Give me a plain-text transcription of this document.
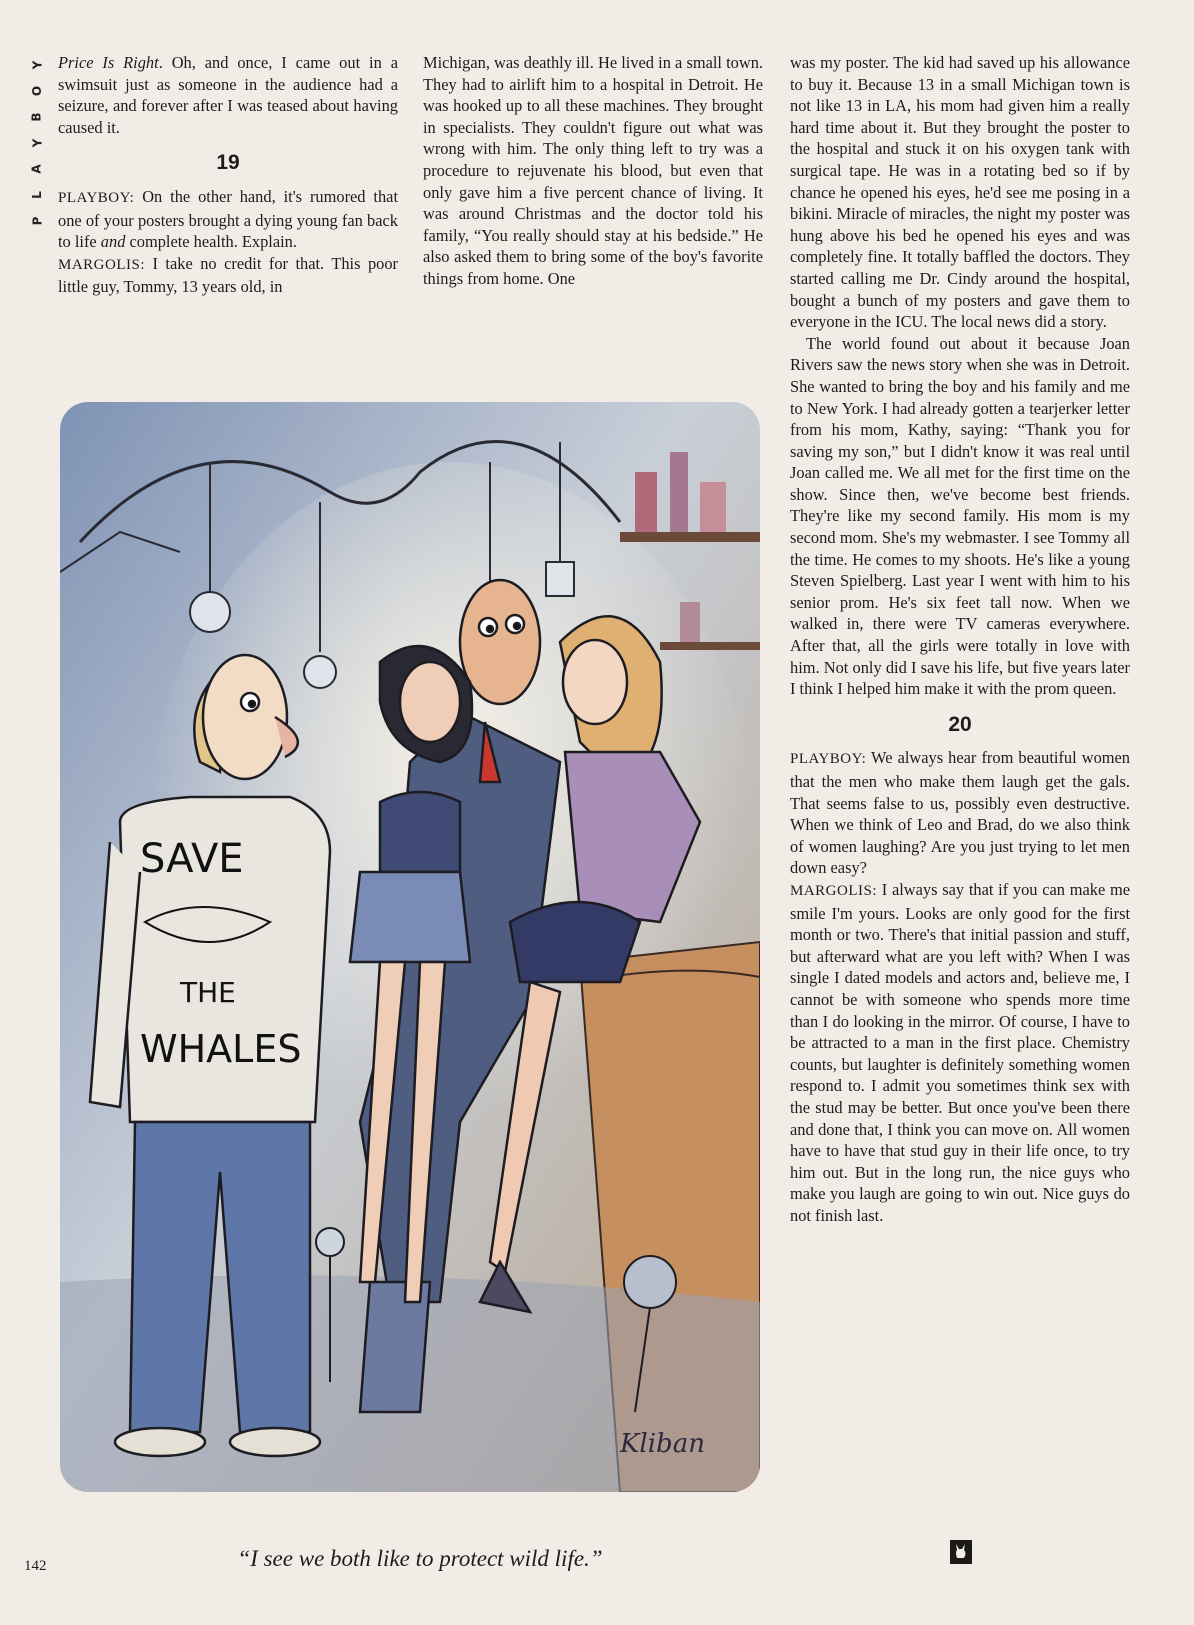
Y
O
B
Y
A
L
P

Price Is Right. Oh, and once, I came out in a swimsuit just as someone in the audience had a seizure, and forever after I was teased about having caused it.

19

PLAYBOY: On the other hand, it's rumored that one of your posters brought a dying young fan back to life and complete health. Explain.

MARGOLIS: I take no credit for that. This poor little guy, Tommy, 13 years old, in

Michigan, was deathly ill. He lived in a small town. They had to airlift him to a hospital in Detroit. He was hooked up to all these machines. They brought in specialists. They couldn't figure out what was wrong with him. The only thing left to try was a procedure to rejuvenate his blood, but even that only gave him a five percent chance of living. It was around Christmas and the doctor told his family, “You really should stay at his bedside.” He also asked them to bring some of the boy's favorite things from home. One

was my poster. The kid had saved up his allowance to buy it. Because 13 in a small Michigan town is not like 13 in LA, his mom had given him a really hard time about it. But they brought the poster to the hospital and stuck it on his oxygen tank with surgical tape. He was in a rotating bed so if by chance he opened his eyes, he'd see me posing in a bikini. Miracle of miracles, the night my poster was hung above his bed he opened his eyes and was completely fine. It totally baffled the doctors. They started calling me Dr. Cindy around the hospital, bought a bunch of my posters and gave them to everyone in the ICU. The local news did a story.

The world found out about it because Joan Rivers saw the news story when she was in Detroit. She wanted to bring the boy and his family and me to New York. I had already gotten a tearjerker letter from his mom, Kathy, saying: “Thank you for saving my son,” but I didn't know it was real until Joan called me. We all met for the first time on the show. Since then, we've become best friends. They're like my second family. His mom is my second mom. She's my webmaster. I see Tommy all the time. He comes to my shoots. He's like a young Steven Spielberg. Last year I went with him to his senior prom. He's six feet tall now. When we walked in, there were TV cameras everywhere. After that, all the girls were totally in love with him. Not only did I save his life, but five years later I think I helped him make it with the prom queen.

20

PLAYBOY: We always hear from beautiful women that the men who make them laugh get the gals. That seems false to us, possibly even destructive. When we think of Leo and Brad, do we also think of women laughing? Are you just trying to let men down easy?

MARGOLIS: I always say that if you can make me smile I'm yours. Looks are only good for the first month or two. There's that initial passion and stuff, but afterward what are you left with? When I was single I dated models and actors and, believe me, I cannot be with someone who spends more time than I do looking in the mirror. Of course, I have to be attracted to a man in the first place. Chemistry counts, but laughter is definitely something women respond to. I admit you sometimes think sex with the stud may be better. But once you've been there and done that, I think you can move on. All women have to have that stud guy in their life once, to try him out. But in the long run, the nice guys who make you laugh are going to win out. Nice guys do not finish last.

SAVE
THE
WHALES
Kliban
142	“I see we both like to protect wild life.”
